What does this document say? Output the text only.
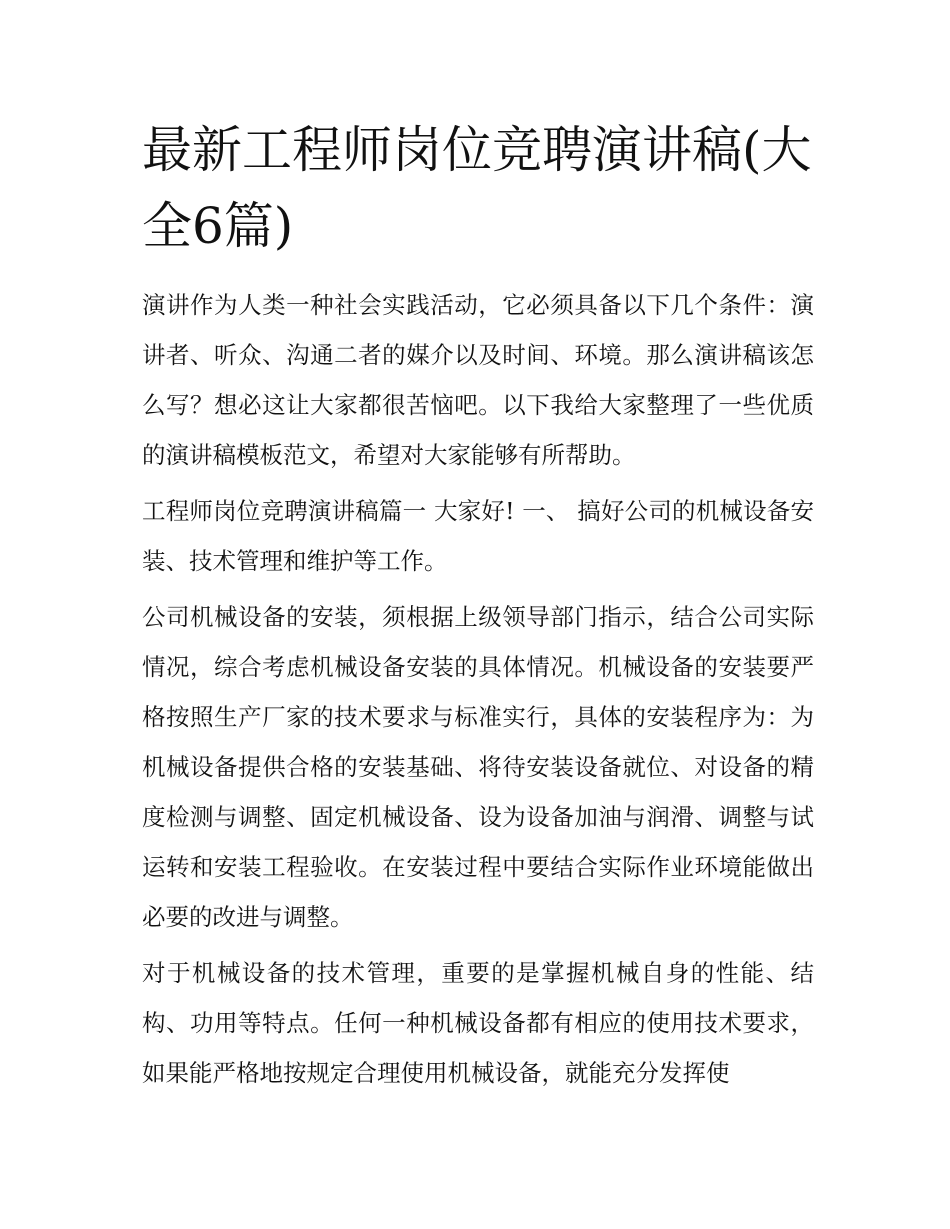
最新工程师岗位竞聘演讲稿(大全6篇)

演讲作为人类一种社会实践活动，它必须具备以下几个条件：演讲者、听众、沟通二者的媒介以及时间、环境。那么演讲稿该怎么写？想必这让大家都很苦恼吧。以下我给大家整理了一些优质的演讲稿模板范文，希望对大家能够有所帮助。

工程师岗位竞聘演讲稿篇一 大家好! 一、 搞好公司的机械设备安装、技术管理和维护等工作。

公司机械设备的安装，须根据上级领导部门指示，结合公司实际情况，综合考虑机械设备安装的具体情况。机械设备的安装要严格按照生产厂家的技术要求与标准实行，具体的安装程序为：为机械设备提供合格的安装基础、将待安装设备就位、对设备的精度检测与调整、固定机械设备、设为设备加油与润滑、调整与试运转和安装工程验收。在安装过程中要结合实际作业环境能做出必要的改进与调整。

对于机械设备的技术管理，重要的是掌握机械自身的性能、结构、功用等特点。任何一种机械设备都有相应的使用技术要求，如果能严格地按规定合理使用机械设备，就能充分发挥使
